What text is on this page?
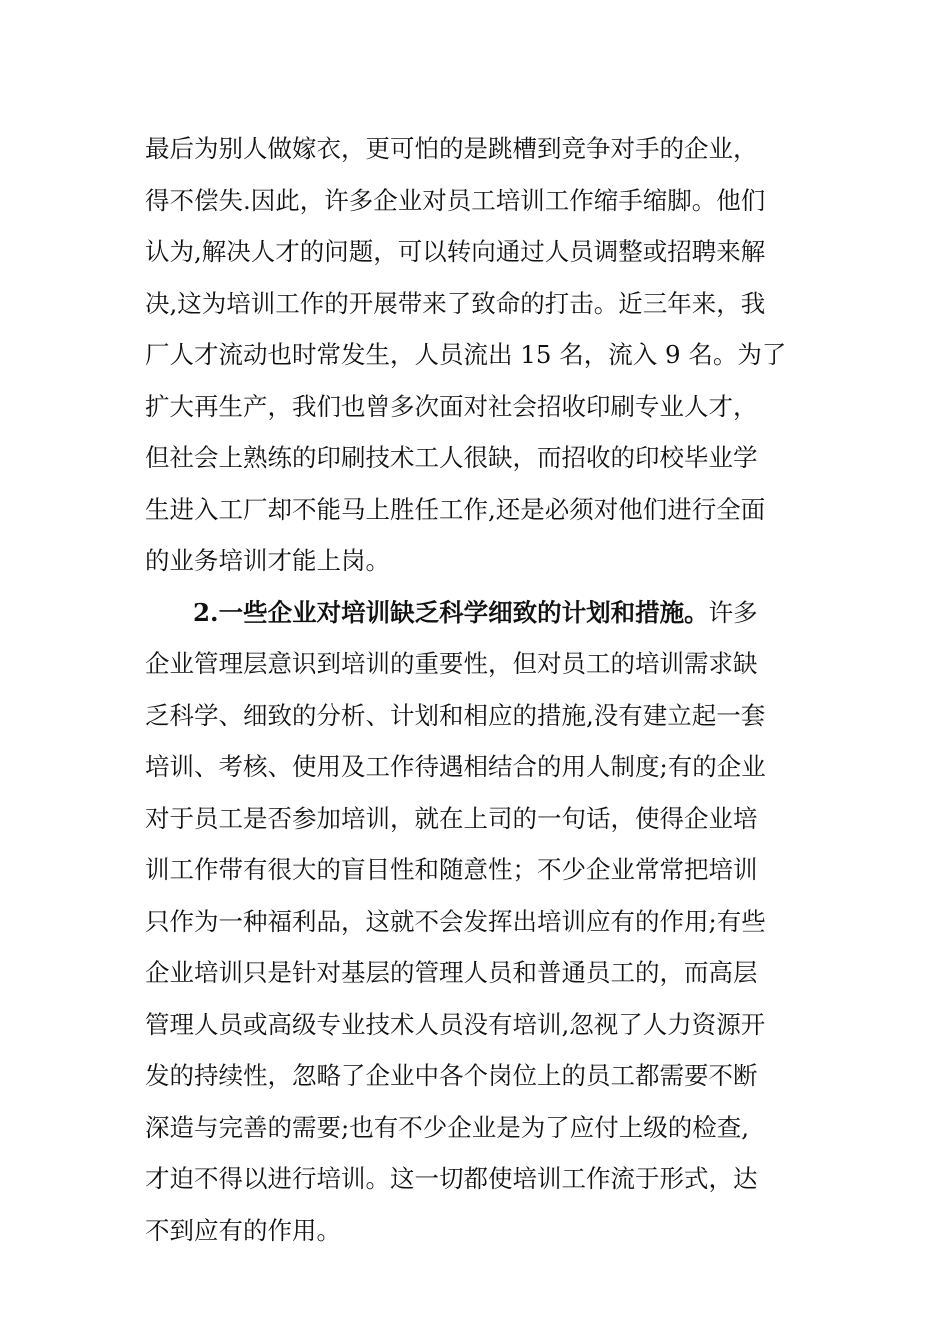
最后为别人做嫁衣，更可怕的是跳槽到竞争对手的企业，
得不偿失.因此，许多企业对员工培训工作缩手缩脚。他们
认为,解决人才的问题，可以转向通过人员调整或招聘来解
决,这为培训工作的开展带来了致命的打击。近三年来，我
厂人才流动也时常发生，人员流出 15 名，流入 9 名。为了
扩大再生产，我们也曾多次面对社会招收印刷专业人才，
但社会上熟练的印刷技术工人很缺，而招收的印校毕业学
生进入工厂却不能马上胜任工作,还是必须对他们进行全面
的业务培训才能上岗。
2.一些企业对培训缺乏科学细致的计划和措施。许多
企业管理层意识到培训的重要性，但对员工的培训需求缺
乏科学、细致的分析、计划和相应的措施,没有建立起一套
培训、考核、使用及工作待遇相结合的用人制度;有的企业
对于员工是否参加培训，就在上司的一句话，使得企业培
训工作带有很大的盲目性和随意性；不少企业常常把培训
只作为一种福利品，这就不会发挥出培训应有的作用;有些
企业培训只是针对基层的管理人员和普通员工的，而高层
管理人员或高级专业技术人员没有培训,忽视了人力资源开
发的持续性，忽略了企业中各个岗位上的员工都需要不断
深造与完善的需要;也有不少企业是为了应付上级的检查,
才迫不得以进行培训。这一切都使培训工作流于形式，达
不到应有的作用。
